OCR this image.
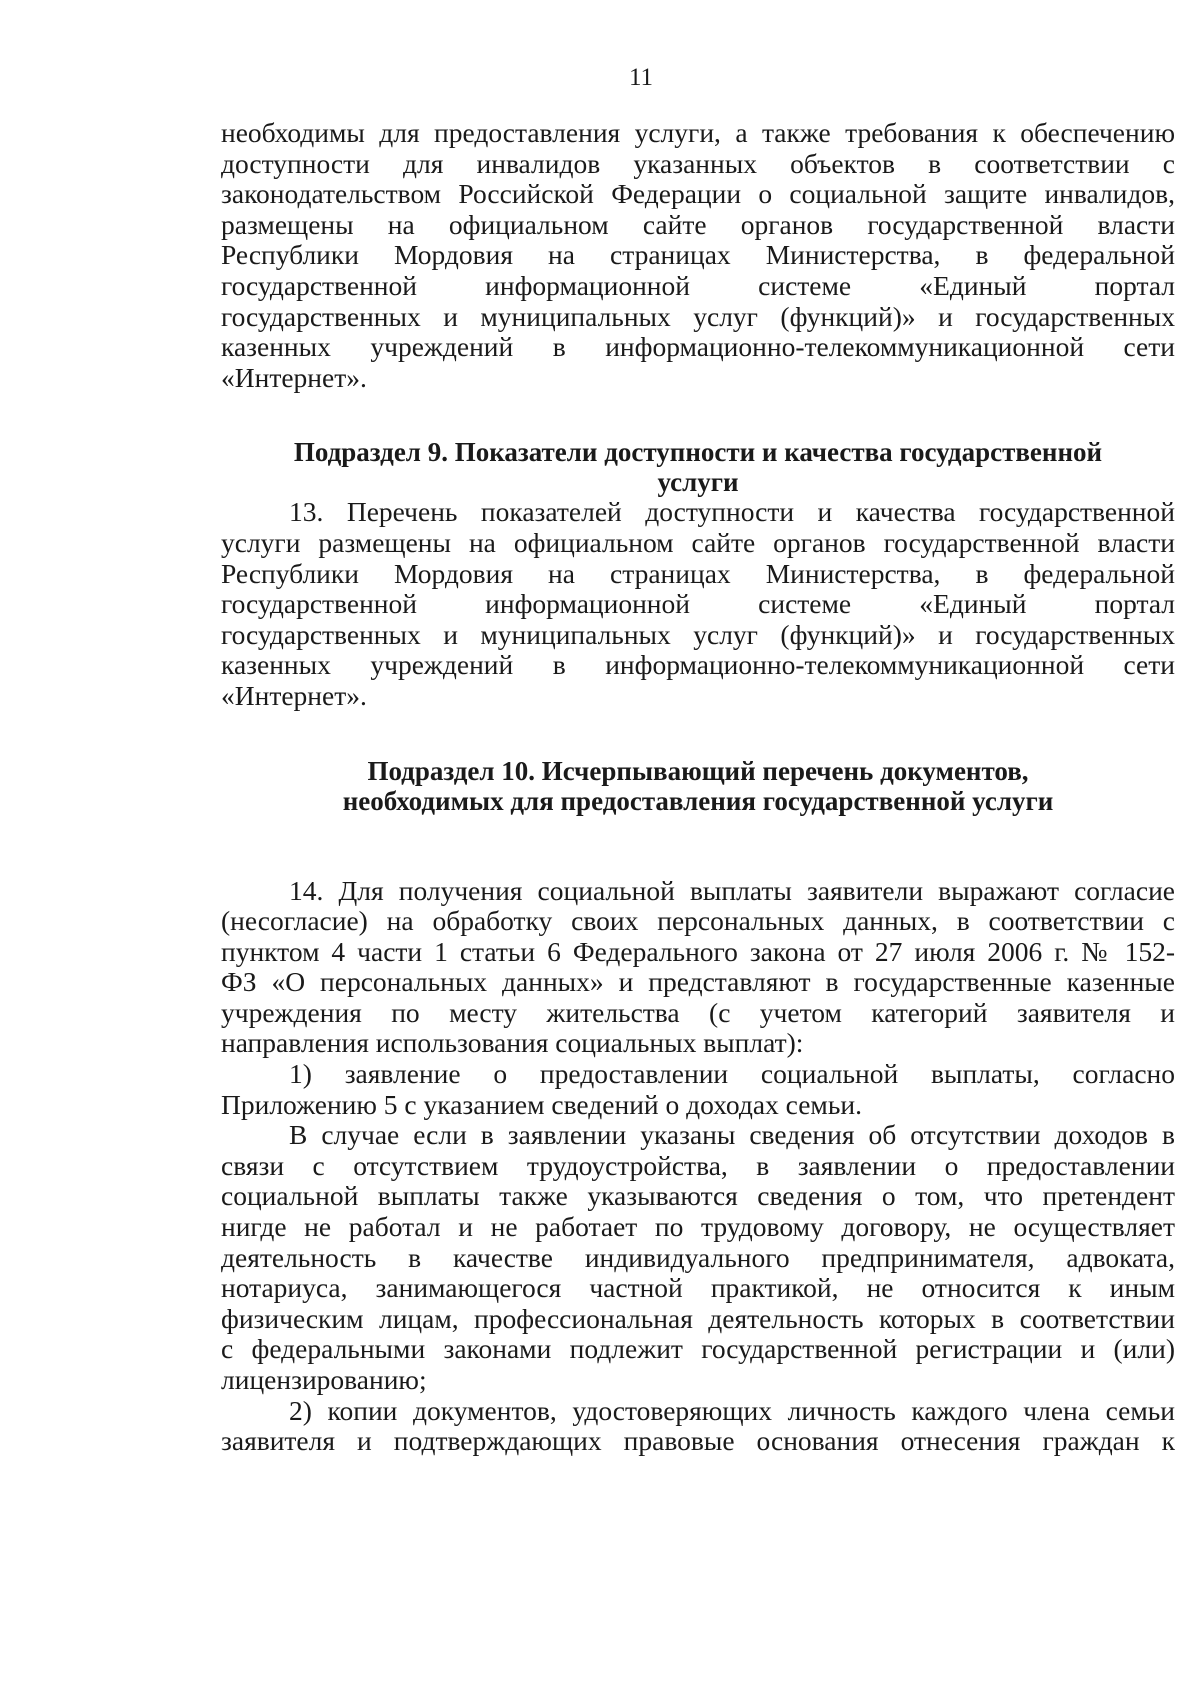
11

необходимы для предоставления услуги, а также требования к обеспечению

доступности для инвалидов указанных объектов в соответствии с

законодательством Российской Федерации о социальной защите инвалидов,

размещены на официальном сайте органов государственной власти

Республики Мордовия на страницах Министерства, в федеральной

государственной информационной системе «Единый портал

государственных и муниципальных услуг (функций)» и государственных

казенных учреждений в информационно-телекоммуникационной сети

«Интернет».

Подраздел 9. Показатели доступности и качества государственной

услуги

13. Перечень показателей доступности и качества государственной

услуги размещены на официальном сайте органов государственной власти

Республики Мордовия на страницах Министерства, в федеральной

государственной информационной системе «Единый портал

государственных и муниципальных услуг (функций)» и государственных

казенных учреждений в информационно-телекоммуникационной сети

«Интернет».

Подраздел 10. Исчерпывающий перечень документов,

необходимых для предоставления государственной услуги

14. Для получения социальной выплаты заявители выражают согласие

(несогласие) на обработку своих персональных данных, в соответствии с

пунктом 4 части 1 статьи 6 Федерального закона от 27 июля 2006 г. № 152-

ФЗ «О персональных данных» и представляют в государственные казенные

учреждения по месту жительства (с учетом категорий заявителя и

направления использования социальных выплат):

1) заявление о предоставлении социальной выплаты, согласно

Приложению 5 с указанием сведений о доходах семьи.

В случае если в заявлении указаны сведения об отсутствии доходов в

связи с отсутствием трудоустройства, в заявлении о предоставлении

социальной выплаты также указываются сведения о том, что претендент

нигде не работал и не работает по трудовому договору, не осуществляет

деятельность в качестве индивидуального предпринимателя, адвоката,

нотариуса, занимающегося частной практикой, не относится к иным

физическим лицам, профессиональная деятельность которых в соответствии

с федеральными законами подлежит государственной регистрации и (или)

лицензированию;

2) копии документов, удостоверяющих личность каждого члена семьи

заявителя и подтверждающих правовые основания отнесения граждан к
